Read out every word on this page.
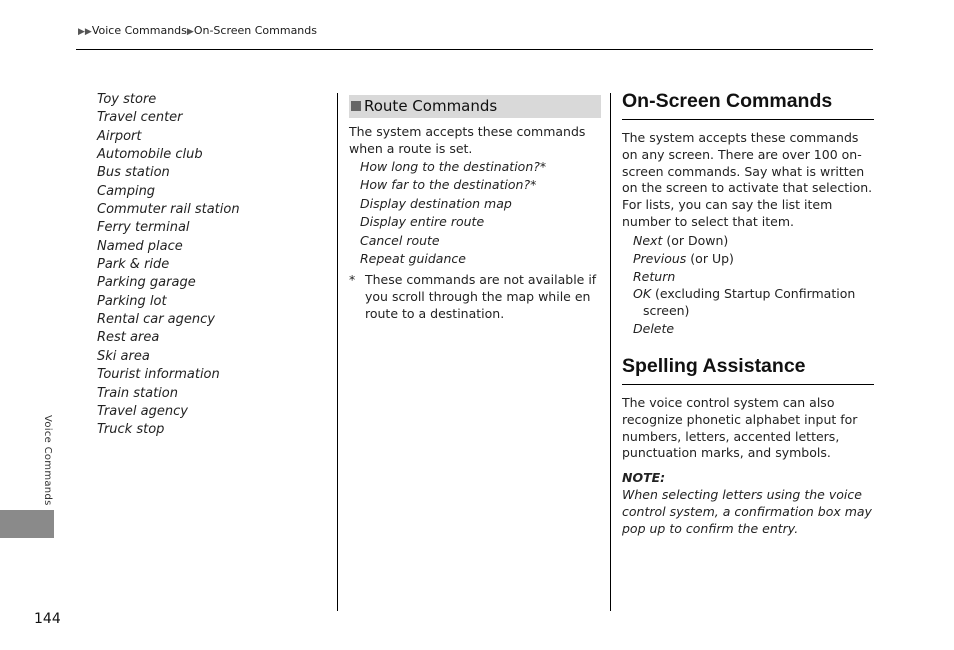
▶▶Voice Commands▶On-Screen Commands
Toy store
Travel center
Airport
Automobile club
Bus station
Camping
Commuter rail station
Ferry terminal
Named place
Park & ride
Parking garage
Parking lot
Rental car agency
Rest area
Ski area
Tourist information
Train station
Travel agency
Truck stop
Route Commands
The system accepts these commands when a route is set.
How long to the destination?*
How far to the destination?*
Display destination map
Display entire route
Cancel route
Repeat guidance
* These commands are not available if you scroll through the map while en route to a destination.
On-Screen Commands
The system accepts these commands on any screen. There are over 100 on-screen commands. Say what is written on the screen to activate that selection. For lists, you can say the list item number to select that item.
Next (or Down)
Previous (or Up)
Return
OK (excluding Startup Confirmation
screen)
Delete
Spelling Assistance
The voice control system can also recognize phonetic alphabet input for numbers, letters, accented letters, punctuation marks, and symbols.
NOTE:
When selecting letters using the voice control system, a confirmation box may pop up to confirm the entry.
Voice Commands
144
